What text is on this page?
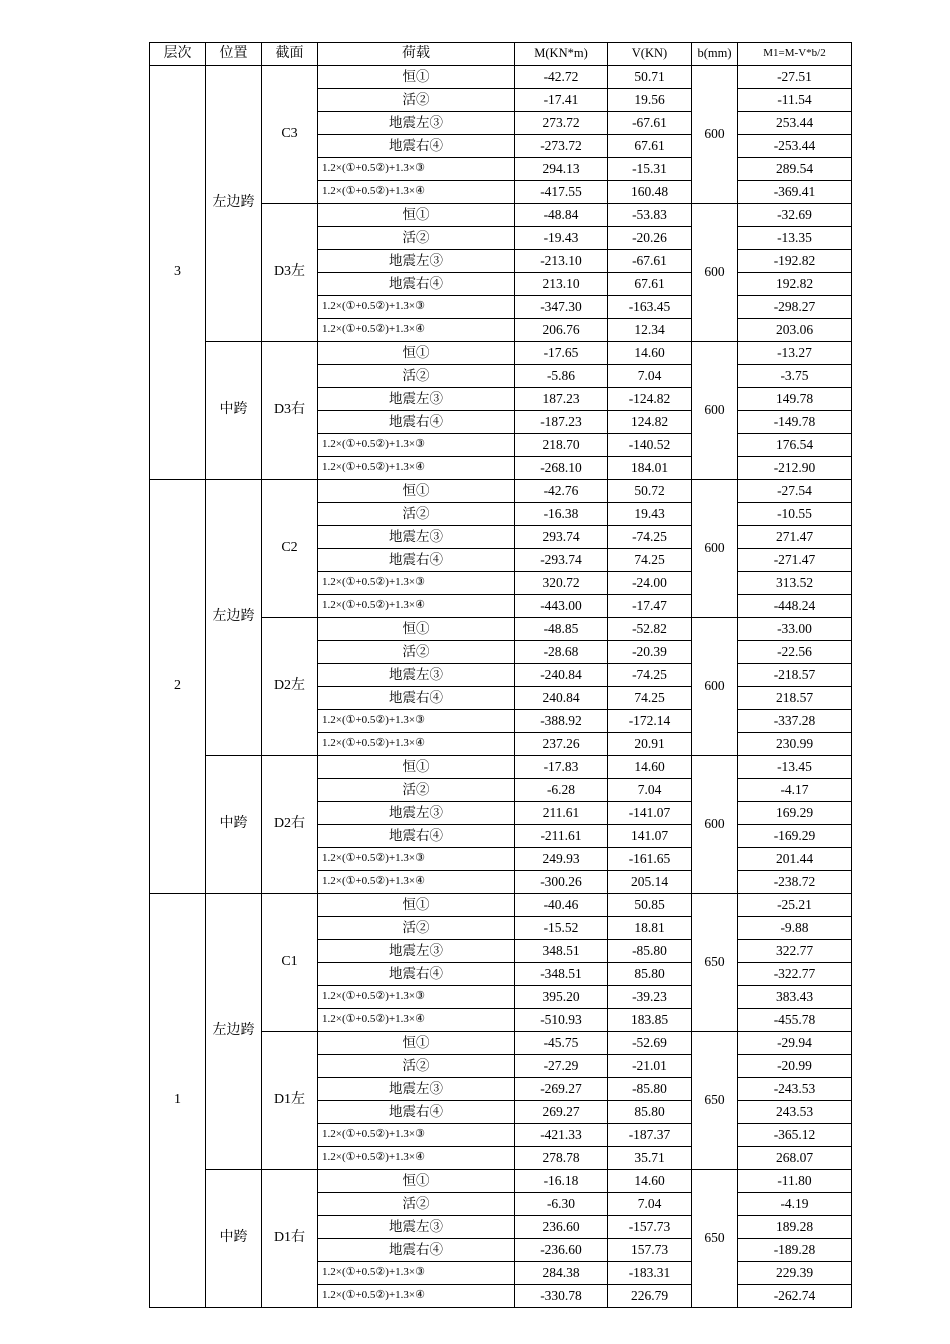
层次	位置	截面	荷载	M(KN*m)	V(KN)	b(mm)	M1=M-V*b/2
3	左边跨	C3	恒①	-42.72	50.71	600	-27.51
			活②	-17.41	19.56		-11.54
			地震左③	273.72	-67.61		253.44
			地震右④	-273.72	67.61		-253.44
			1.2×(①+0.5②)+1.3×③	294.13	-15.31		289.54
			1.2×(①+0.5②)+1.3×④	-417.55	160.48		-369.41
		D3左	恒①	-48.84	-53.83	600	-32.69
			活②	-19.43	-20.26		-13.35
			地震左③	-213.10	-67.61		-192.82
			地震右④	213.10	67.61		192.82
			1.2×(①+0.5②)+1.3×③	-347.30	-163.45		-298.27
			1.2×(①+0.5②)+1.3×④	206.76	12.34		203.06
	中跨	D3右	恒①	-17.65	14.60	600	-13.27
			活②	-5.86	7.04		-3.75
			地震左③	187.23	-124.82		149.78
			地震右④	-187.23	124.82		-149.78
			1.2×(①+0.5②)+1.3×③	218.70	-140.52		176.54
			1.2×(①+0.5②)+1.3×④	-268.10	184.01		-212.90
2	左边跨	C2	恒①	-42.76	50.72	600	-27.54
			活②	-16.38	19.43		-10.55
			地震左③	293.74	-74.25		271.47
			地震右④	-293.74	74.25		-271.47
			1.2×(①+0.5②)+1.3×③	320.72	-24.00		313.52
			1.2×(①+0.5②)+1.3×④	-443.00	-17.47		-448.24
		D2左	恒①	-48.85	-52.82	600	-33.00
			活②	-28.68	-20.39		-22.56
			地震左③	-240.84	-74.25		-218.57
			地震右④	240.84	74.25		218.57
			1.2×(①+0.5②)+1.3×③	-388.92	-172.14		-337.28
			1.2×(①+0.5②)+1.3×④	237.26	20.91		230.99
	中跨	D2右	恒①	-17.83	14.60	600	-13.45
			活②	-6.28	7.04		-4.17
			地震左③	211.61	-141.07		169.29
			地震右④	-211.61	141.07		-169.29
			1.2×(①+0.5②)+1.3×③	249.93	-161.65		201.44
			1.2×(①+0.5②)+1.3×④	-300.26	205.14		-238.72
1	左边跨	C1	恒①	-40.46	50.85	650	-25.21
			活②	-15.52	18.81		-9.88
			地震左③	348.51	-85.80		322.77
			地震右④	-348.51	85.80		-322.77
			1.2×(①+0.5②)+1.3×③	395.20	-39.23		383.43
			1.2×(①+0.5②)+1.3×④	-510.93	183.85		-455.78
		D1左	恒①	-45.75	-52.69	650	-29.94
			活②	-27.29	-21.01		-20.99
			地震左③	-269.27	-85.80		-243.53
			地震右④	269.27	85.80		243.53
			1.2×(①+0.5②)+1.3×③	-421.33	-187.37		-365.12
			1.2×(①+0.5②)+1.3×④	278.78	35.71		268.07
	中跨	D1右	恒①	-16.18	14.60	650	-11.80
			活②	-6.30	7.04		-4.19
			地震左③	236.60	-157.73		189.28
			地震右④	-236.60	157.73		-189.28
			1.2×(①+0.5②)+1.3×③	284.38	-183.31		229.39
			1.2×(①+0.5②)+1.3×④	-330.78	226.79		-262.74
